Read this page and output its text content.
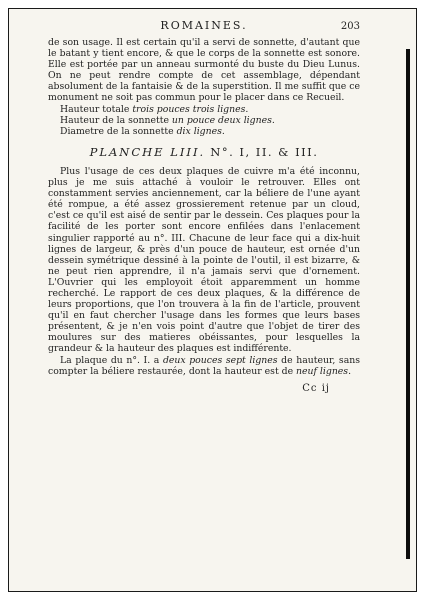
ROMAINES.	203

de son usage. Il est certain qu'il a servi de sonnette, d'autant que le batant y tient encore, & que le corps de la sonnette est sonore. Elle est portée par un anneau surmonté du buste du Dieu Lunus. On ne peut rendre compte de cet assemblage, dépendant absolument de la fantaisie & de la superstition. Il me suffit que ce monument ne soit pas commun pour le placer dans ce Recueil.

Hauteur totale trois pouces trois lignes.
Hauteur de la sonnette un pouce deux lignes.
Diametre de la sonnette dix lignes.
PLANCHE LIII. N°. I, II. & III.

Plus l'usage de ces deux plaques de cuivre m'a été inconnu, plus je me suis attaché à vouloir le retrouver. Elles ont constamment servies anciennement, car la béliere de l'une ayant été rompue, a été assez grossierement retenue par un cloud, c'est ce qu'il est aisé de sentir par le dessein. Ces plaques pour la facilité de les porter sont encore enfilées dans l'enlacement singulier rapporté au n°. III. Chacune de leur face qui a dix-huit lignes de largeur, & près d'un pouce de hauteur, est ornée d'un dessein symétrique dessiné à la pointe de l'outil, il est bizarre, & ne peut rien apprendre, il n'a jamais servi que d'ornement. L'Ouvrier qui les employoit étoit apparemment un homme recherché. Le rapport de ces deux plaques, & la différence de leurs proportions, que l'on trouvera à la fin de l'article, prouvent qu'il en faut chercher l'usage dans les formes que leurs bases présentent, & je n'en vois point d'autre que l'objet de tirer des moulures sur des matieres obéissantes, pour lesquelles la grandeur & la hauteur des plaques est indifférente.

La plaque du n°. I. a deux pouces sept lignes de hauteur, sans compter la béliere restaurée, dont la hauteur est de neuf lignes.

Cc ij
